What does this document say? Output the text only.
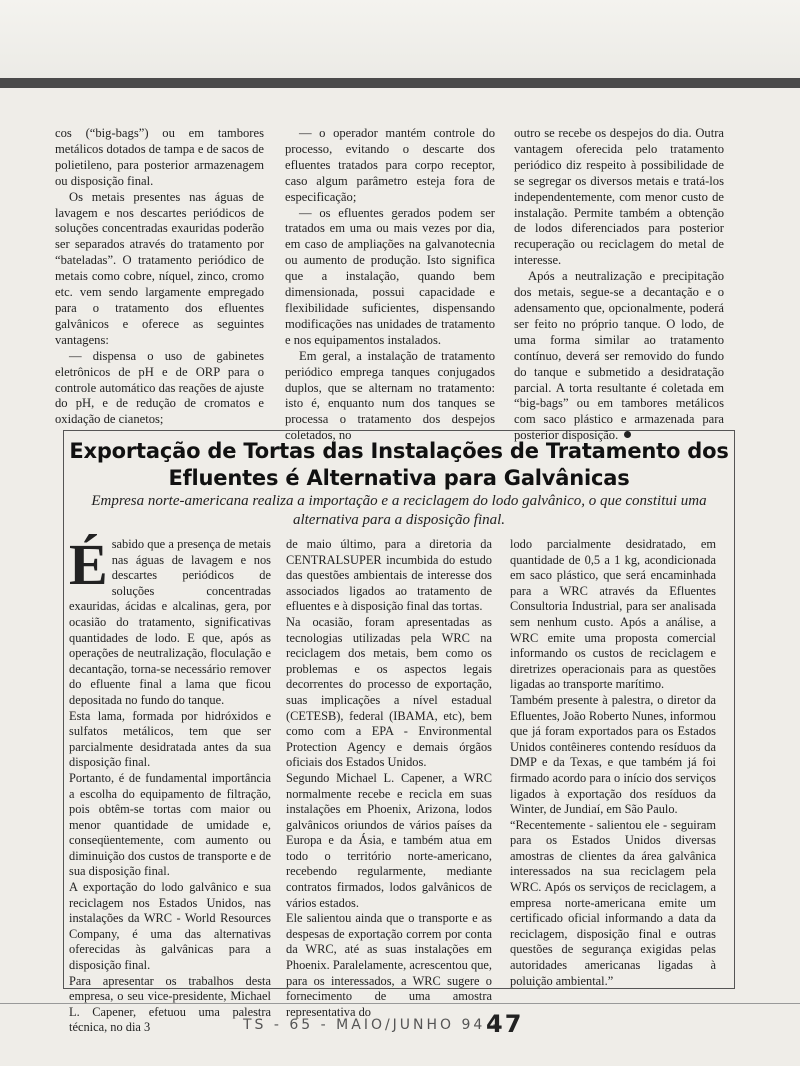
cos (“big-bags”) ou em tambores metálicos dotados de tampa e de sacos de polietileno, para posterior armazenagem ou disposição final.

Os metais presentes nas águas de lavagem e nos descartes periódicos de soluções concentradas exauridas poderão ser separados através do tratamento por “bateladas”. O tratamento periódico de metais como cobre, níquel, zinco, cromo etc. vem sendo largamente empregado para o tratamento dos efluentes galvânicos e oferece as seguintes vantagens:

— dispensa o uso de gabinetes eletrônicos de pH e de ORP para o controle automático das reações de ajuste do pH, e de redução de cromatos e oxidação de cianetos;

— o operador mantém controle do processo, evitando o descarte dos efluentes tratados para corpo receptor, caso algum parâmetro esteja fora de especificação;

— os efluentes gerados podem ser tratados em uma ou mais vezes por dia, em caso de ampliações na galvanotecnia ou aumento de produção. Isto significa que a instalação, quando bem dimensionada, possui capacidade e flexibilidade suficientes, dispensando modificações nas unidades de tratamento e nos equipamentos instalados.

Em geral, a instalação de tratamento periódico emprega tanques conjugados duplos, que se alternam no tratamento: isto é, enquanto num dos tanques se processa o tratamento dos despejos coletados, no

outro se recebe os despejos do dia. Outra vantagem oferecida pelo tratamento periódico diz respeito à possibilidade de se segregar os diversos metais e tratá-los independentemente, com menor custo de instalação. Permite também a obtenção de lodos diferenciados para posterior recuperação ou reciclagem do metal de interesse.

Após a neutralização e precipitação dos metais, segue-se a decantação e o adensamento que, opcionalmente, poderá ser feito no próprio tanque. O lodo, de uma forma similar ao tratamento contínuo, deverá ser removido do fundo do tanque e submetido a desidratação parcial. A torta resultante é coletada em “big-bags” ou em tambores metálicos com saco plástico e armazenada para posterior disposição.

Exportação de Tortas das Instalações de Tratamento dos Efluentes é Alternativa para Galvânicas
Empresa norte-americana realiza a importação e a reciclagem do lodo galvânico, o que constitui uma alternativa para a disposição final.

Ésabido que a presença de metais nas águas de lavagem e nos descartes periódicos de soluções concentradas exauridas, ácidas e alcalinas, gera, por ocasião do tratamento, significativas quantidades de lodo. E que, após as operações de neutralização, floculação e decantação, torna-se necessário remover do efluente final a lama que ficou depositada no fundo do tanque.

Esta lama, formada por hidróxidos e sulfatos metálicos, tem que ser parcialmente desidratada antes da sua disposição final.

Portanto, é de fundamental importância a escolha do equipamento de filtração, pois obtêm-se tortas com maior ou menor quantidade de umidade e, conseqüentemente, com aumento ou diminuição dos custos de transporte e de sua disposição final.

A exportação do lodo galvânico e sua reciclagem nos Estados Unidos, nas instalações da WRC - World Resources Company, é uma das alternativas oferecidas às galvânicas para a disposição final.

Para apresentar os trabalhos desta empresa, o seu vice-presidente, Michael L. Capener, efetuou uma palestra técnica, no dia 3

de maio último, para a diretoria da CENTRALSUPER incumbida do estudo das questões ambientais de interesse dos associados ligados ao tratamento de efluentes e à disposição final das tortas.

Na ocasião, foram apresentadas as tecnologias utilizadas pela WRC na reciclagem dos metais, bem como os problemas e os aspectos legais decorrentes do processo de exportação, suas implicações a nível estadual (CETESB), federal (IBAMA, etc), bem como com a EPA - Environmental Protection Agency e demais órgãos oficiais dos Estados Unidos.

Segundo Michael L. Capener, a WRC normalmente recebe e recicla em suas instalações em Phoenix, Arizona, lodos galvânicos oriundos de vários países da Europa e da Ásia, e também atua em todo o território norte-americano, recebendo regularmente, mediante contratos firmados, lodos galvânicos de vários estados.

Ele salientou ainda que o transporte e as despesas de exportação correm por conta da WRC, até as suas instalações em Phoenix. Paralelamente, acrescentou que, para os interessados, a WRC sugere o fornecimento de uma amostra representativa do

lodo parcialmente desidratado, em quantidade de 0,5 a 1 kg, acondicionada em saco plástico, que será encaminhada para a WRC através da Efluentes Consultoria Industrial, para ser analisada sem nenhum custo. Após a análise, a WRC emite uma proposta comercial informando os custos de reciclagem e diretrizes operacionais para as questões ligadas ao transporte marítimo.

Também presente à palestra, o diretor da Efluentes, João Roberto Nunes, informou que já foram exportados para os Estados Unidos contêineres contendo resíduos da DMP e da Texas, e que também já foi firmado acordo para o início dos serviços ligados à exportação dos resíduos da Winter, de Jundiaí, em São Paulo.

“Recentemente - salientou ele - seguiram para os Estados Unidos diversas amostras de clientes da área galvânica interessados na sua reciclagem pela WRC. Após os serviços de reciclagem, a empresa norte-americana emite um certificado oficial informando a data da reciclagem, disposição final e outras questões de segurança exigidas pelas autoridades americanas ligadas à poluição ambiental.”

TS - 65 - MAIO/JUNHO 94 -
47
